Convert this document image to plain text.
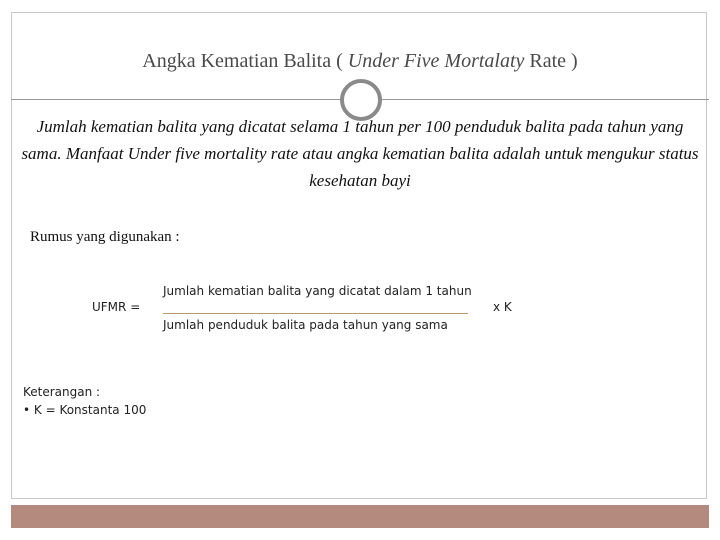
Angka Kematian Balita ( Under Five Mortalaty Rate )
Jumlah kematian balita yang dicatat selama 1 tahun per 100 penduduk balita pada tahun yang sama. Manfaat Under five mortality rate atau angka kematian balita adalah untuk mengukur status kesehatan bayi
Rumus yang digunakan :
UFMR =
Jumlah kematian balita yang dicatat dalam 1 tahun
Jumlah penduduk balita pada tahun yang sama
x K
Keterangan :
• K = Konstanta 100
